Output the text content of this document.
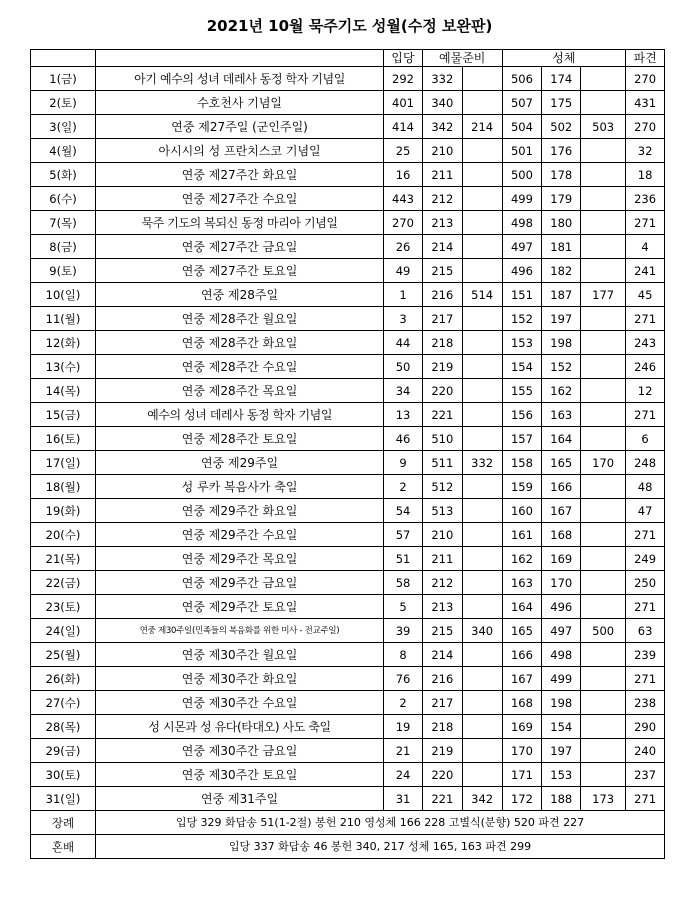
2021년 10월 묵주기도 성월(수정 보완판)
		입당	예물준비		성체			파견
1(금)	아기 예수의 성녀 데레사 동정 학자 기념일	292	332		506	174		270
2(토)	수호천사 기념일	401	340		507	175		431
3(일)	연중 제27주일 (군인주일)	414	342	214	504	502	503	270
4(월)	아시시의 성 프란치스코 기념일	25	210		501	176		32
5(화)	연중 제27주간 화요일	16	211		500	178		18
6(수)	연중 제27주간 수요일	443	212		499	179		236
7(목)	묵주 기도의 복되신 동정 마리아 기념일	270	213		498	180		271
8(금)	연중 제27주간 금요일	26	214		497	181		4
9(토)	연중 제27주간 토요일	49	215		496	182		241
10(일)	연중 제28주일	1	216	514	151	187	177	45
11(월)	연중 제28주간 월요일	3	217		152	197		271
12(화)	연중 제28주간 화요일	44	218		153	198		243
13(수)	연중 제28주간 수요일	50	219		154	152		246
14(목)	연중 제28주간 목요일	34	220		155	162		12
15(금)	예수의 성녀 데레사 동정 학자 기념일	13	221		156	163		271
16(토)	연중 제28주간 토요일	46	510		157	164		6
17(일)	연중 제29주일	9	511	332	158	165	170	248
18(월)	성 루카 복음사가 축일	2	512		159	166		48
19(화)	연중 제29주간 화요일	54	513		160	167		47
20(수)	연중 제29주간 수요일	57	210		161	168		271
21(목)	연중 제29주간 목요일	51	211		162	169		249
22(금)	연중 제29주간 금요일	58	212		163	170		250
23(토)	연중 제29주간 토요일	5	213		164	496		271
24(일)	연중 제30주일(민족들의 복음화를 위한 미사 - 전교주일)	39	215	340	165	497	500	63
25(월)	연중 제30주간 월요일	8	214		166	498		239
26(화)	연중 제30주간 화요일	76	216		167	499		271
27(수)	연중 제30주간 수요일	2	217		168	198		238
28(목)	성 시몬과 성 유다(타대오) 사도 축일	19	218		169	154		290
29(금)	연중 제30주간 금요일	21	219		170	197		240
30(토)	연중 제30주간 토요일	24	220		171	153		237
31(일)	연중 제31주일	31	221	342	172	188	173	271
장례	입당 329 화답송 51(1-2절) 봉헌 210 영성체 166 228 고별식(분향) 520 파견 227							
혼배	입당 337 화답송 46 봉헌 340, 217 성체 165, 163 파견 299							
